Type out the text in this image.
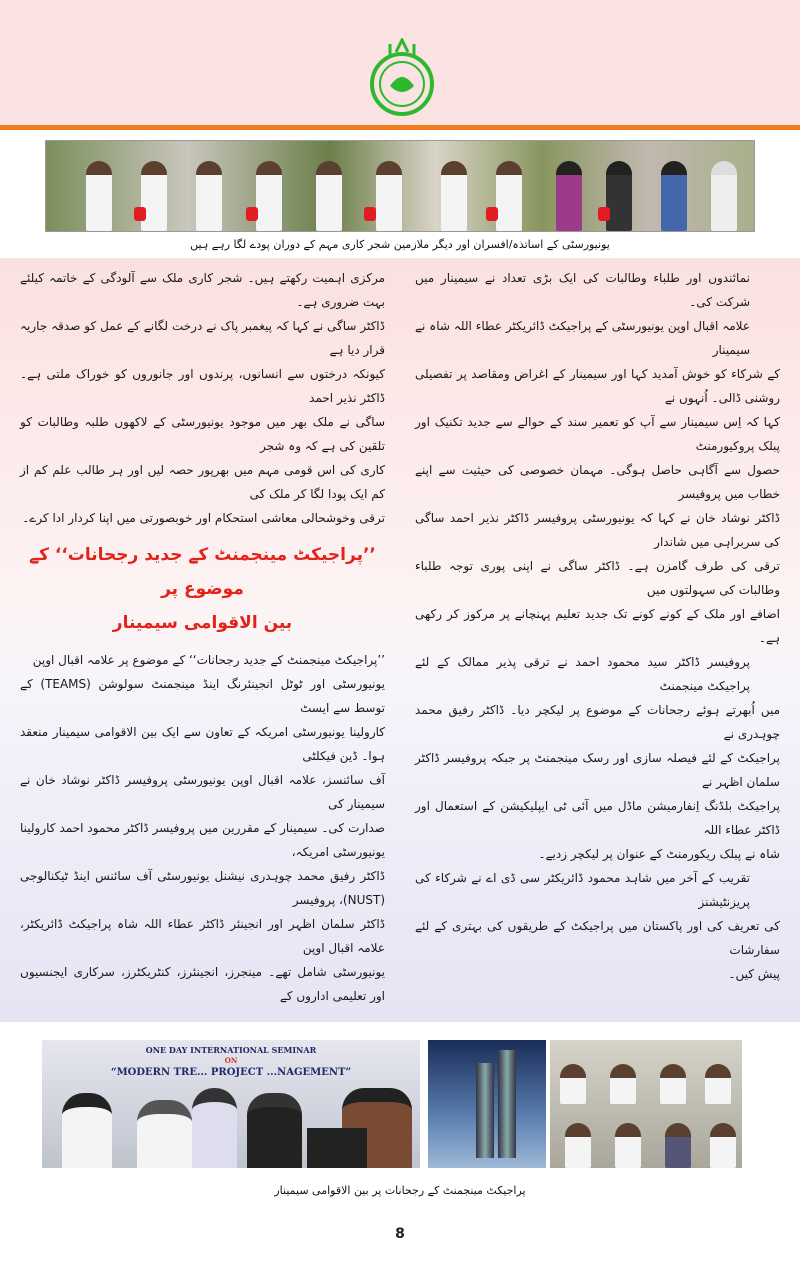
یونیورسٹی کے اساتذہ/افسران اور دیگر ملازمین شجر کاری مہم کے دوران پودے لگا رہے ہیں

مرکزی اہمیت رکھتے ہیں۔ شجر کاری ملک سے آلودگی کے خاتمہ کیلئے بہت ضروری ہے۔

ڈاکٹر ساگی نے کہا کہ پیغمبر پاک نے درخت لگانے کے عمل کو صدقہ جاریہ قرار دیا ہے

کیونکہ درختوں سے انسانوں، پرندوں اور جانوروں کو خوراک ملتی ہے۔ ڈاکٹر نذیر احمد

ساگی نے ملک بھر میں موجود یونیورسٹی کے لاکھوں طلبہ وطالبات کو تلقین کی ہے کہ وہ شجر

کاری کی اس قومی مہم میں بھرپور حصہ لیں اور ہر طالب علم کم از کم ایک پودا لگا کر ملک کی

ترقی وخوشحالی معاشی استحکام اور خوبصورتی میں اپنا کردار ادا کرے۔

’’پراجیکٹ مینجمنٹ کے جدید رجحانات‘‘ کے موضوع پر
بین الاقوامی سیمینار

’’پراجیکٹ مینجمنٹ کے جدید رجحانات‘‘ کے موضوع پر علامہ اقبال اوپن

یونیورسٹی اور ٹوٹل انجینئرنگ اینڈ مینجمنٹ سولوشن (TEAMS) کے توسط سے ایسٹ

کارولینا یونیورسٹی امریکہ کے تعاون سے ایک بین الاقوامی سیمینار منعقد ہوا۔ ڈین فیکلٹی

آف سائنسز، علامہ اقبال اوپن یونیورسٹی پروفیسر ڈاکٹر نوشاد خان نے سیمینار کی

صدارت کی۔ سیمینار کے مقررین میں پروفیسر ڈاکٹر محمود احمد کارولینا یونیورسٹی امریکہ،

ڈاکٹر رفیق محمد چوہدری نیشنل یونیورسٹی آف سائنس اینڈ ٹیکنالوجی (NUST)، پروفیسر

ڈاکٹر سلمان اظہر اور انجینئر ڈاکٹر عطاء اللہ شاہ پراجیکٹ ڈائریکٹر، علامہ اقبال اوپن

یونیورسٹی شامل تھے۔ مینجرز، انجینئرز، کنٹریکٹرز، سرکاری ایجنسیوں اور تعلیمی اداروں کے

نمائندوں اور طلباء وطالبات کی ایک بڑی تعداد نے سیمینار میں شرکت کی۔

علامہ اقبال اوپن یونیورسٹی کے پراجیکٹ ڈائریکٹر عطاء اللہ شاہ نے سیمینار

کے شرکاء کو خوش آمدید کہا اور سیمینار کے اغراض ومقاصد پر تفصیلی روشنی ڈالی۔ اُنہوں نے

کہا کہ اِس سیمینار سے آپ کو تعمیر سند کے حوالے سے جدید تکنیک اور پبلک پروکیورمنٹ

حصول سے آگاہی حاصل ہوگی۔ مہمان خصوصی کی حیثیت سے اپنے خطاب میں پروفیسر

ڈاکٹر نوشاد خان نے کہا کہ یونیورسٹی پروفیسر ڈاکٹر نذیر احمد ساگی کی سربراہی میں شاندار

ترقی کی طرف گامزن ہے۔ ڈاکٹر ساگی نے اپنی پوری توجہ طلباء وطالبات کی سہولتوں میں

اضافے اور ملک کے کونے کونے تک جدید تعلیم پہنچانے پر مرکوز کر رکھی ہے۔

پروفیسر ڈاکٹر سید محمود احمد نے ترقی پذیر ممالک کے لئے پراجیکٹ مینجمنٹ

میں اُبھرتے ہوئے رجحانات کے موضوع پر لیکچر دیا۔ ڈاکٹر رفیق محمد چوہدری نے

پراجیکٹ کے لئے فیصلہ سازی اور رسک مینجمنٹ پر جبکہ پروفیسر ڈاکٹر سلمان اظہر نے

پراجیکٹ بلڈنگ اِنفارمیشن ماڈل میں آئی ٹی ایپلیکیشن کے استعمال اور ڈاکٹر عطاء اللہ

شاہ نے پبلک ریکورمنٹ کے عنوان پر لیکچر زدیے۔

تقریب کے آخر میں شاہد محمود ڈائریکٹر سی ڈی اے نے شرکاء کی پریزنٹیشنز

کی تعریف کی اور پاکستان میں پراجیکٹ کے طریقوں کی بہتری کے لئے سفارشات

پیش کیں۔

ONE DAY INTERNATIONAL SEMINAR
ON
“MODERN TRE... PROJECT ...NAGEMENT”
پراجیکٹ مینجمنٹ کے رجحانات پر بین الاقوامی سیمینار
8
